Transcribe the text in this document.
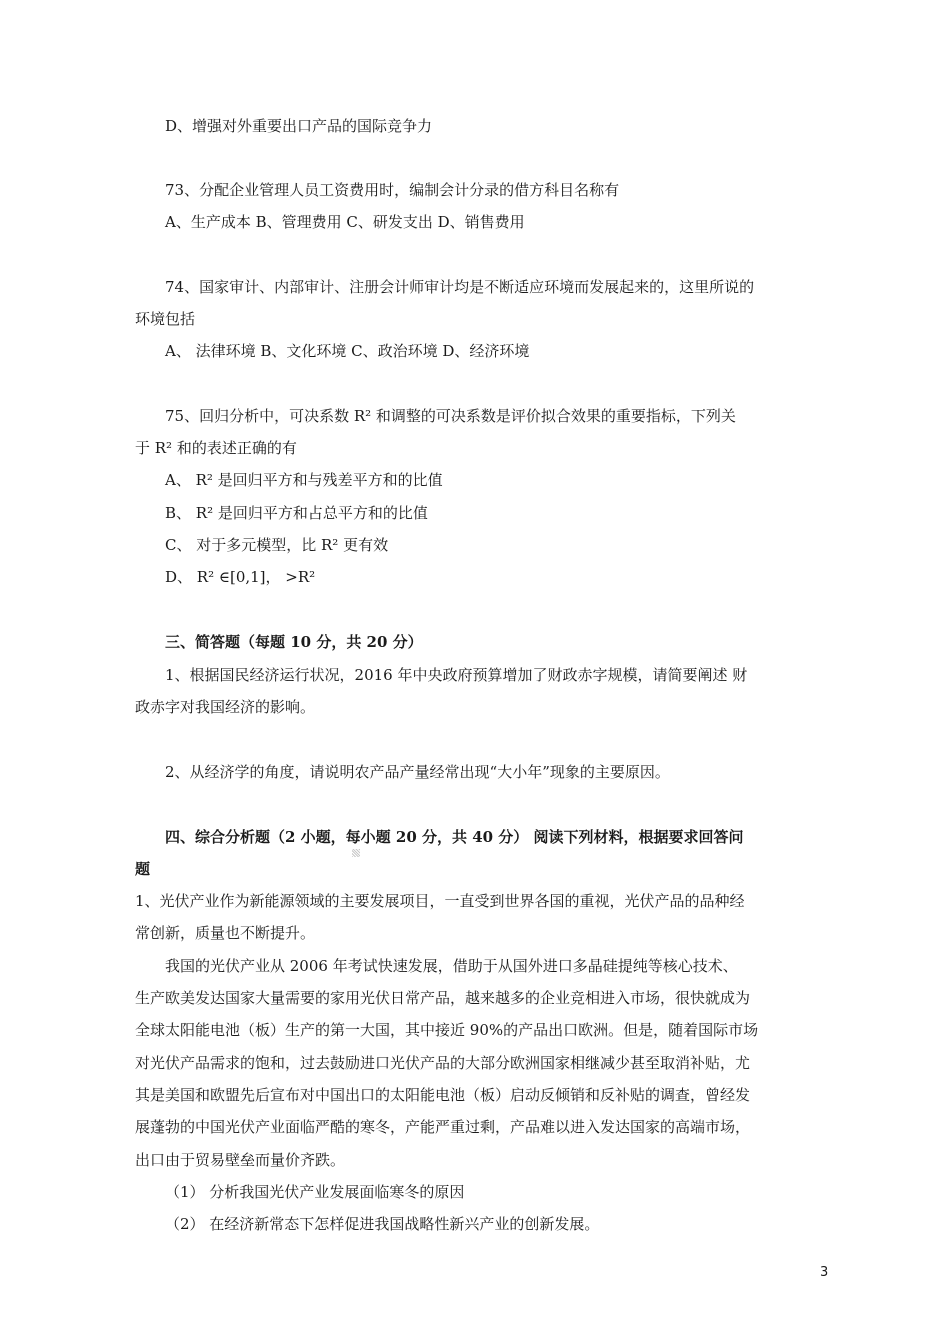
D、增强对外重要出口产品的国际竞争力
73、分配企业管理人员工资费用时，编制会计分录的借方科目名称有
A、生产成本 B、管理费用 C、研发支出 D、销售费用
74、国家审计、内部审计、注册会计师审计均是不断适应环境而发展起来的，这里所说的
环境包括
A、 法律环境 B、文化环境 C、政治环境 D、经济环境
75、回归分析中，可决系数 R² 和调整的可决系数是评价拟合效果的重要指标，下列关
于 R² 和的表述正确的有
A、 R² 是回归平方和与残差平方和的比值
B、 R² 是回归平方和占总平方和的比值
C、 对于多元模型，比 R² 更有效
D、 R² ∈[0,1]， >R²
三、简答题（每题 10 分，共 20 分）
1、根据国民经济运行状况，2016 年中央政府预算增加了财政赤字规模，请简要阐述 财
政赤字对我国经济的影响。
2、从经济学的角度，请说明农产品产量经常出现“大小年”现象的主要原因。
四、综合分析题（2 小题，每小题 20 分，共 40 分） 阅读下列材料，根据要求回答问
题
1、光伏产业作为新能源领域的主要发展项目，一直受到世界各国的重视，光伏产品的品种经
常创新，质量也不断提升。
我国的光伏产业从 2006 年考试快速发展，借助于从国外进口多晶硅提纯等核心技术、
生产欧美发达国家大量需要的家用光伏日常产品，越来越多的企业竞相进入市场，很快就成为
全球太阳能电池（板）生产的第一大国，其中接近 90%的产品出口欧洲。但是，随着国际市场
对光伏产品需求的饱和，过去鼓励进口光伏产品的大部分欧洲国家相继减少甚至取消补贴，尤
其是美国和欧盟先后宣布对中国出口的太阳能电池（板）启动反倾销和反补贴的调查，曾经发
展蓬勃的中国光伏产业面临严酷的寒冬，产能严重过剩，产品难以进入发达国家的高端市场，
出口由于贸易壁垒而量价齐跌。
（1） 分析我国光伏产业发展面临寒冬的原因
（2） 在经济新常态下怎样促进我国战略性新兴产业的创新发展。
3
